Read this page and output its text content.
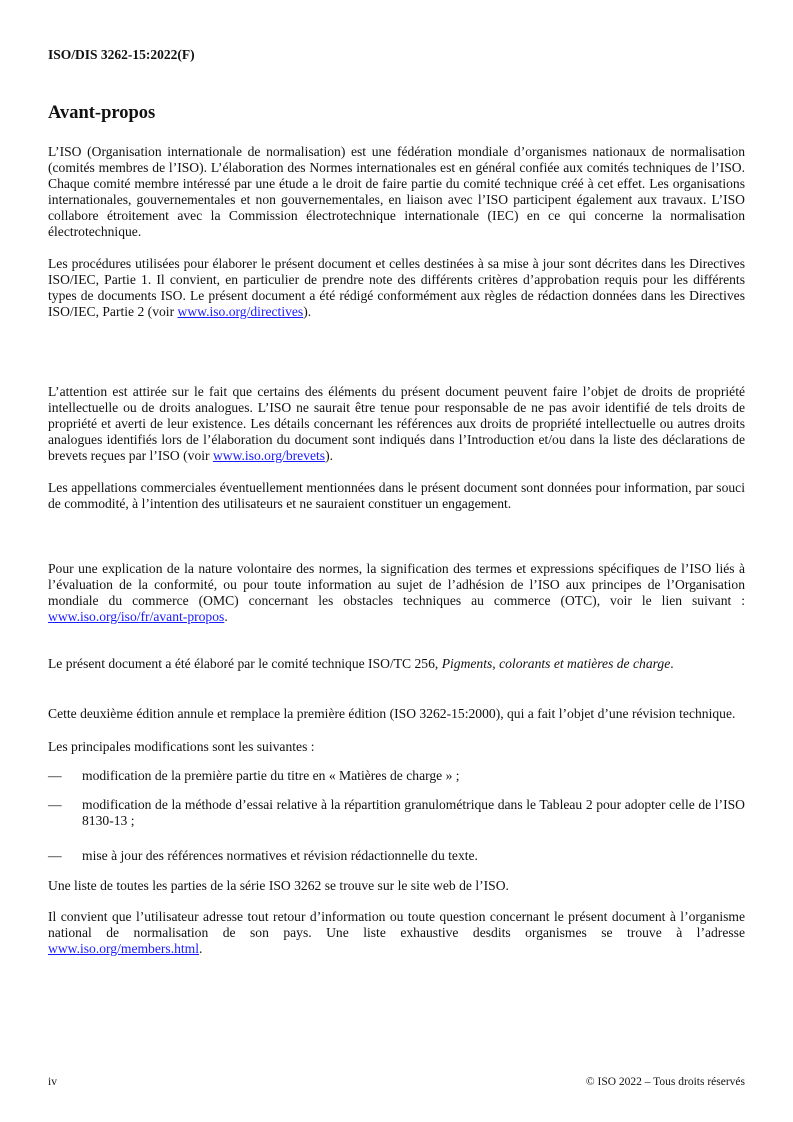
ISO/DIS 3262-15:2022(F)
Avant-propos

L’ISO (Organisation internationale de normalisation) est une fédération mondiale d’organismes nationaux de normalisation (comités membres de l’ISO). L’élaboration des Normes internationales est en général confiée aux comités techniques de l’ISO. Chaque comité membre intéressé par une étude a le droit de faire partie du comité technique créé à cet effet. Les organisations internationales, gouvernementales et non gouvernementales, en liaison avec l’ISO participent également aux travaux. L’ISO collabore étroitement avec la Commission électrotechnique internationale (IEC) en ce qui concerne la normalisation électrotechnique.

Les procédures utilisées pour élaborer le présent document et celles destinées à sa mise à jour sont décrites dans les Directives ISO/IEC, Partie 1. Il convient, en particulier de prendre note des différents critères d’approbation requis pour les différents types de documents ISO. Le présent document a été rédigé conformément aux règles de rédaction données dans les Directives ISO/IEC, Partie 2 (voir www.iso.org/directives).

L’attention est attirée sur le fait que certains des éléments du présent document peuvent faire l’objet de droits de propriété intellectuelle ou de droits analogues. L’ISO ne saurait être tenue pour responsable de ne pas avoir identifié de tels droits de propriété et averti de leur existence. Les détails concernant les références aux droits de propriété intellectuelle ou autres droits analogues identifiés lors de l’élaboration du document sont indiqués dans l’Introduction et/ou dans la liste des déclarations de brevets reçues par l’ISO (voir www.iso.org/brevets).

Les appellations commerciales éventuellement mentionnées dans le présent document sont données pour information, par souci de commodité, à l’intention des utilisateurs et ne sauraient constituer un engagement.

Pour une explication de la nature volontaire des normes, la signification des termes et expressions spécifiques de l’ISO liés à l’évaluation de la conformité, ou pour toute information au sujet de l’adhésion de l’ISO aux principes de l’Organisation mondiale du commerce (OMC) concernant les obstacles techniques au commerce (OTC), voir le lien suivant : www.iso.org/iso/fr/avant-propos.

Le présent document a été élaboré par le comité technique ISO/TC 256, Pigments, colorants et matières de charge.

Cette deuxième édition annule et remplace la première édition (ISO 3262-15:2000), qui a fait l’objet d’une révision technique.

Les principales modifications sont les suivantes :

—	modification de la première partie du titre en « Matières de charge » ;
—	modification de la méthode d’essai relative à la répartition granulométrique dans le Tableau 2 pour adopter celle de l’ISO 8130-13 ;
—	mise à jour des références normatives et révision rédactionnelle du texte.

Une liste de toutes les parties de la série ISO 3262 se trouve sur le site web de l’ISO.

Il convient que l’utilisateur adresse tout retour d’information ou toute question concernant le présent document à l’organisme national de normalisation de son pays. Une liste exhaustive desdits organismes se trouve à l’adresse www.iso.org/members.html.

iv	© ISO 2022 – Tous droits réservés
